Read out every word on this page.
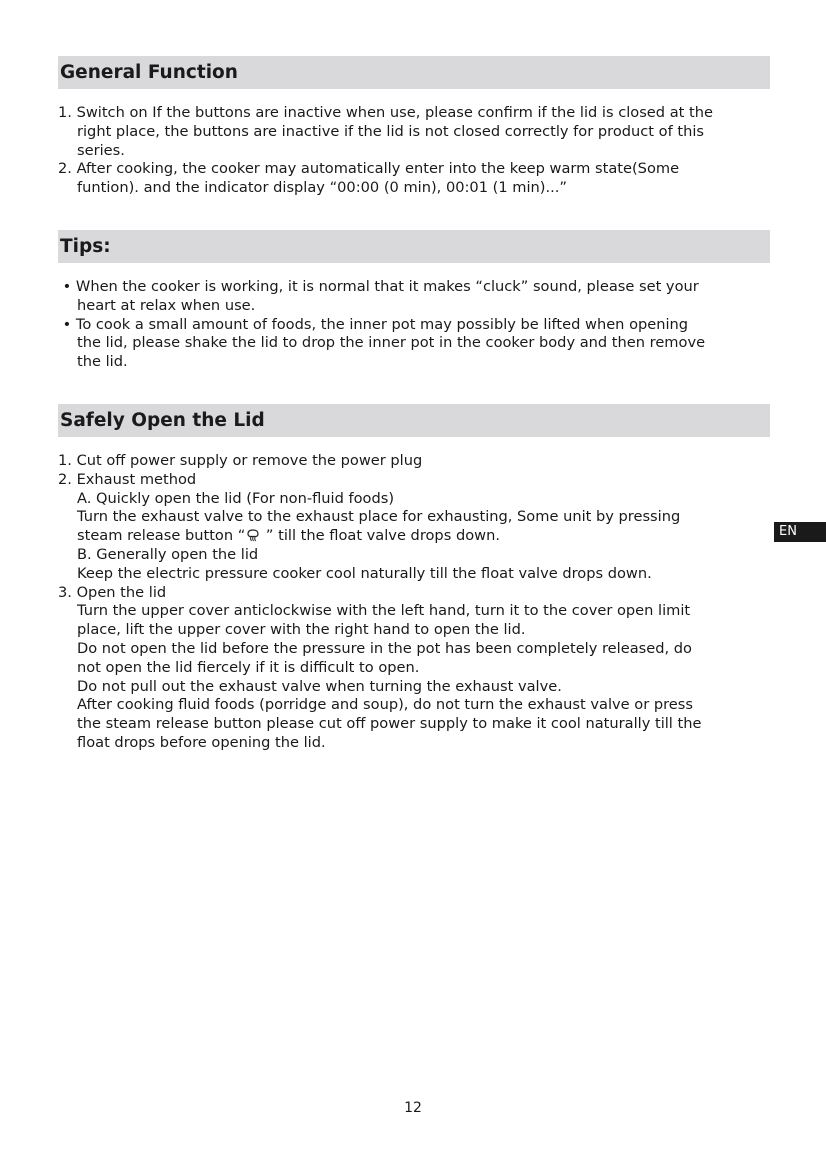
General Function
1. Switch on If the buttons are inactive when use, please confirm if the lid is closed at the
right place, the buttons are inactive if the lid is not closed correctly for product of this
series.
2. After cooking, the cooker may automatically enter into the keep warm state(Some
funtion). and the indicator display “00:00 (0 min), 00:01 (1 min)...”
Tips:
• When the cooker is working, it is normal that it makes “cluck” sound, please set your
heart at relax when use.
• To cook a small amount of foods, the inner pot may possibly be lifted when opening
the lid, please shake the lid to drop the inner pot in the cooker body and then remove
the lid.
Safely Open the Lid
1. Cut off power supply or remove the power plug
2. Exhaust method
A. Quickly open the lid (For non-fluid foods)
Turn the exhaust valve to the exhaust place for exhausting, Some unit by pressing
steam release button “ ” till the float valve drops down.
B. Generally open the lid
Keep the electric pressure cooker cool naturally till the float valve drops down.
3. Open the lid
Turn the upper cover anticlockwise with the left hand, turn it to the cover open limit
place, lift the upper cover with the right hand to open the lid.
Do not open the lid before the pressure in the pot has been completely released, do
not open the lid fiercely if it is difficult to open.
Do not pull out the exhaust valve when turning the exhaust valve.
After cooking fluid foods (porridge and soup), do not turn the exhaust valve or press
the steam release button please cut off power supply to make it cool naturally till the
float drops before opening the lid.
EN
12
